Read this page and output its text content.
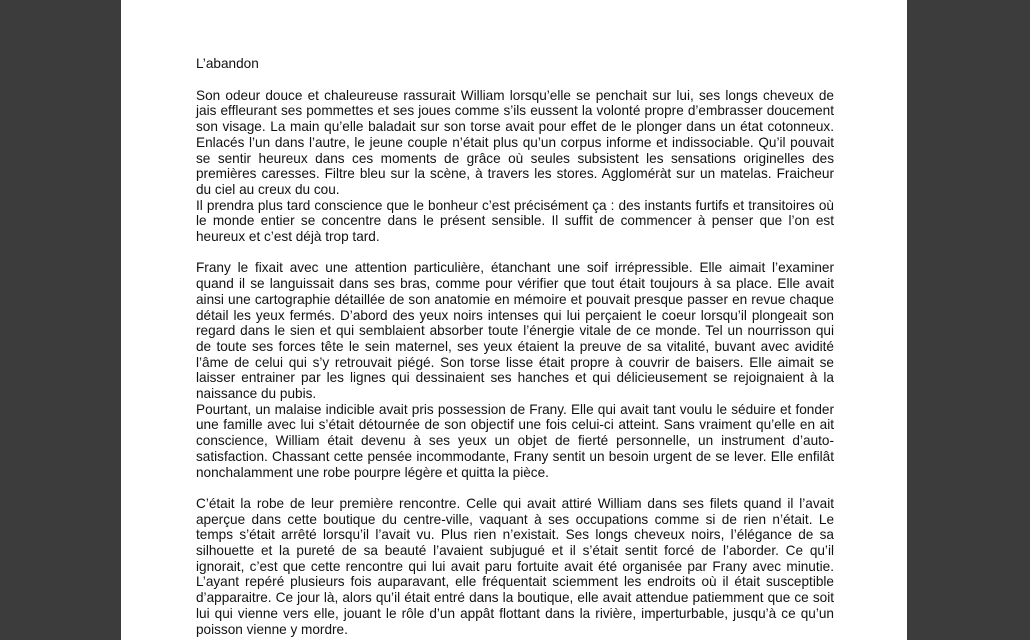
L’abandon

Son odeur douce et chaleureuse rassurait William lorsqu’elle se penchait sur lui, ses longs cheveux de jais effleurant ses pommettes et ses joues comme s’ils eussent la volonté propre d’embrasser doucement son visage. La main qu’elle baladait sur son torse avait pour effet de le plonger dans un état cotonneux. Enlacés l’un dans l’autre, le jeune couple n’était plus qu’un corpus informe et indissociable. Qu’il pouvait se sentir heureux dans ces moments de grâce où seules subsistent les sensations originelles des premières caresses. Filtre bleu sur la scène, à travers les stores. Aggloméràt sur un matelas. Fraicheur du ciel au creux du cou.

Il prendra plus tard conscience que le bonheur c’est précisément ça : des instants furtifs et transitoires où le monde entier se concentre dans le présent sensible. Il suffit de commencer à penser que l’on est heureux et c’est déjà trop tard.

Frany le fixait avec une attention particulière, étanchant une soif irrépressible. Elle aimait l’examiner quand il se languissait dans ses bras, comme pour vérifier que tout était toujours à sa place. Elle avait ainsi une cartographie détaillée de son anatomie en mémoire et pouvait presque passer en revue chaque détail les yeux fermés. D’abord des yeux noirs intenses qui lui perçaient le coeur lorsqu’il plongeait son regard dans le sien et qui semblaient absorber toute l’énergie vitale de ce monde. Tel un nourrisson qui de toute ses forces tête le sein maternel, ses yeux étaient la preuve de sa vitalité, buvant avec avidité l’âme de celui qui s’y retrouvait piégé. Son torse lisse était propre à couvrir de baisers. Elle aimait se laisser entrainer par les lignes qui dessinaient ses hanches et qui délicieusement se rejoignaient à la naissance du pubis.

Pourtant, un malaise indicible avait pris possession de Frany. Elle qui avait tant voulu le séduire et fonder une famille avec lui s’était détournée de son objectif une fois celui-ci atteint. Sans vraiment qu’elle en ait conscience, William était devenu à ses yeux un objet de fierté personnelle, un instrument d’auto-satisfaction. Chassant cette pensée incommodante, Frany sentit un besoin urgent de se lever. Elle enfilât nonchalamment une robe pourpre légère et quitta la pièce.

C’était la robe de leur première rencontre. Celle qui avait attiré William dans ses filets quand il l’avait aperçue dans cette boutique du centre-ville, vaquant à ses occupations comme si de rien n’était. Le temps s’était arrêté lorsqu’il l’avait vu. Plus rien n’existait. Ses longs cheveux noirs, l’élégance de sa silhouette et la pureté de sa beauté l’avaient subjugué et il s’était sentit forcé de l’aborder. Ce qu’il ignorait, c’est que cette rencontre qui lui avait paru fortuite avait été organisée par Frany avec minutie. L’ayant repéré plusieurs fois auparavant, elle fréquentait sciemment les endroits où il était susceptible d’apparaitre. Ce jour là, alors qu’il était entré dans la boutique, elle avait attendue patiemment que ce soit lui qui vienne vers elle, jouant le rôle d’un appât flottant dans la rivière, imperturbable, jusqu’à ce qu’un poisson vienne y mordre.
